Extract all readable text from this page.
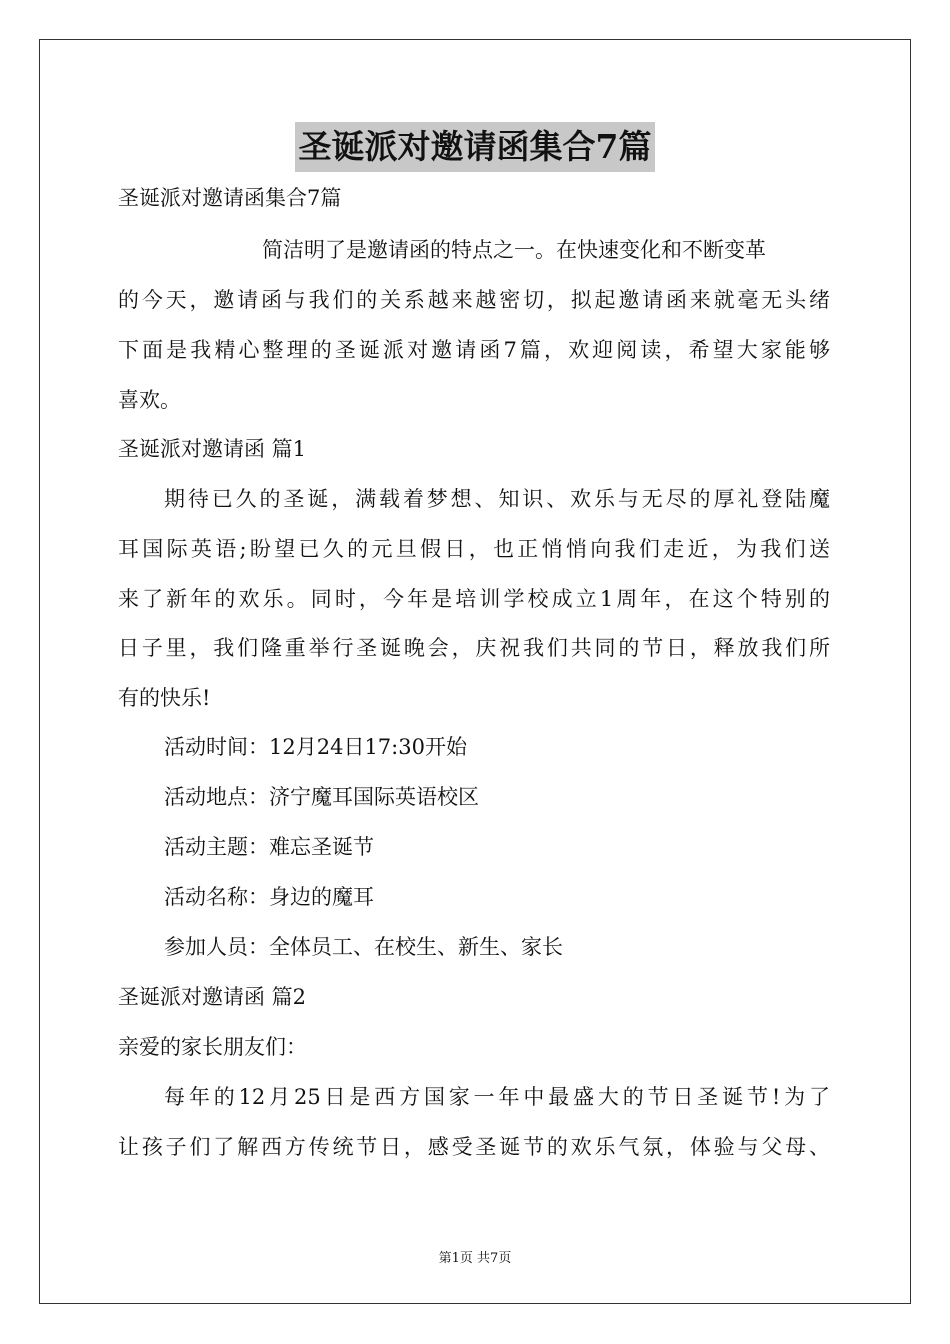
圣诞派对邀请函集合7篇
圣诞派对邀请函集合7篇
简洁明了是邀请函的特点之一。在快速变化和不断变革
的今天，邀请函与我们的关系越来越密切，拟起邀请函来就毫无头绪
下面是我精心整理的圣诞派对邀请函7篇，欢迎阅读，希望大家能够
喜欢。
圣诞派对邀请函 篇1
期待已久的圣诞，满载着梦想、知识、欢乐与无尽的厚礼登陆魔
耳国际英语;盼望已久的元旦假日，也正悄悄向我们走近，为我们送
来了新年的欢乐。同时，今年是培训学校成立1周年，在这个特别的
日子里，我们隆重举行圣诞晚会，庆祝我们共同的节日，释放我们所
有的快乐!
活动时间：12月24日17:30开始
活动地点：济宁魔耳国际英语校区
活动主题：难忘圣诞节
活动名称：身边的魔耳
参加人员：全体员工、在校生、新生、家长
圣诞派对邀请函 篇2
亲爱的家长朋友们：
每年的12月25日是西方国家一年中最盛大的节日圣诞节!为了
让孩子们了解西方传统节日，感受圣诞节的欢乐气氛，体验与父母、
第1页 共7页
